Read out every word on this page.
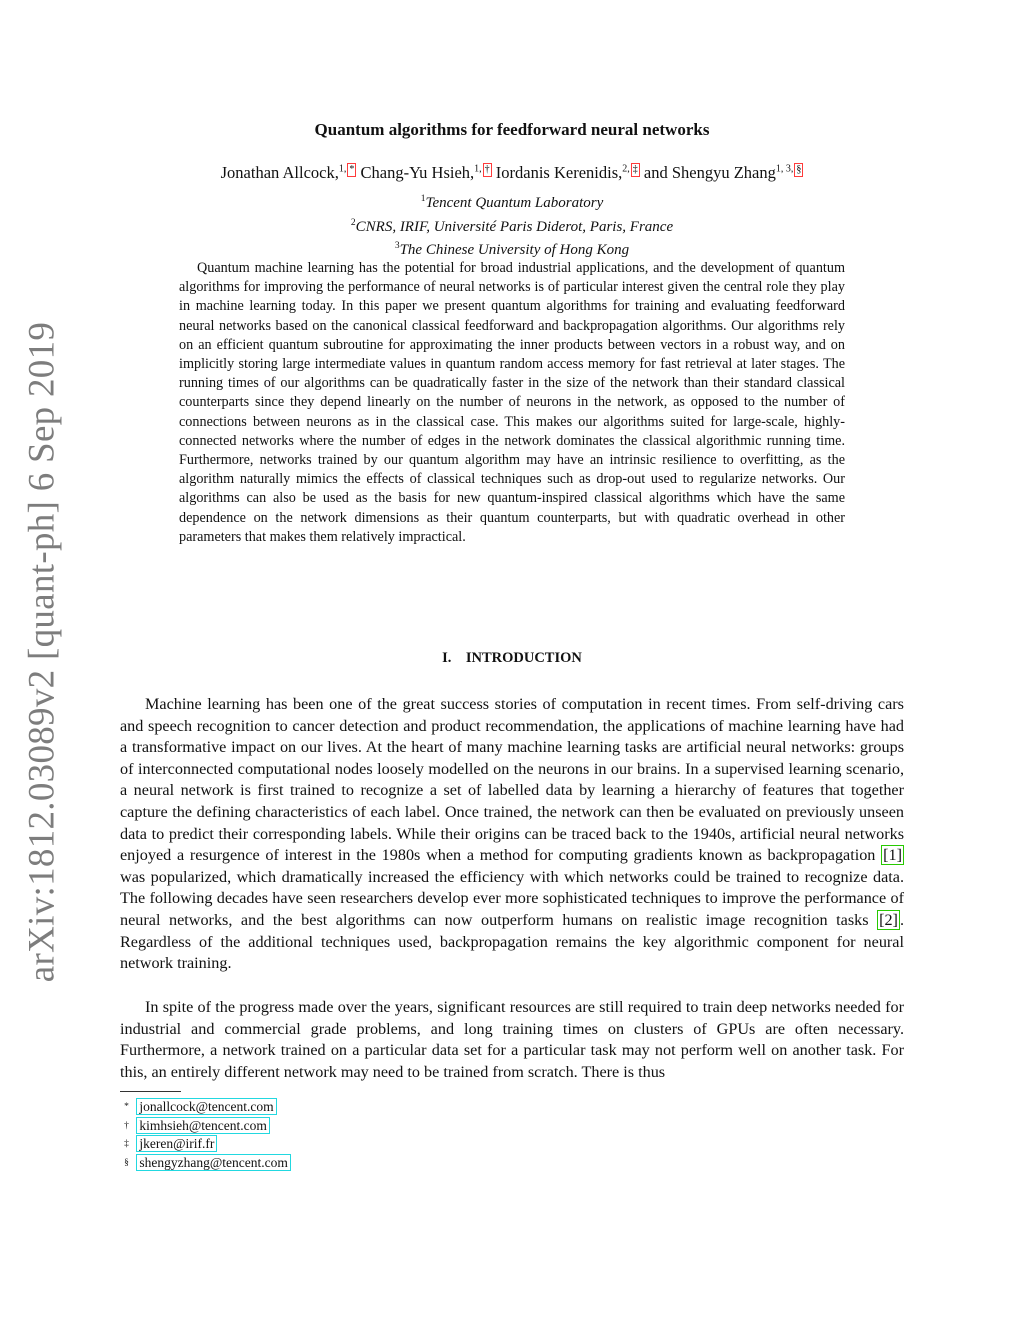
arXiv:1812.03089v2 [quant-ph] 6 Sep 2019
Quantum algorithms for feedforward neural networks
Jonathan Allcock,$^{1,}$ * Chang-Yu Hsieh,$^{1,}$ † Iordanis Kerenidis,$^{2,}$ ‡ and Shengyu Zhang$^{1, 3,}$ §
$^1$Tencent Quantum Laboratory
$^2$CNRS, IRIF, Université Paris Diderot, Paris, France
$^3$The Chinese University of Hong Kong

Quantum machine learning has the potential for broad industrial applications, and the development of quantum algorithms for improving the performance of neural networks is of particular interest given the central role they play in machine learning today. In this paper we present quantum algorithms for training and evaluating feedforward neural networks based on the canonical classical feedforward and backpropagation algorithms. Our algorithms rely on an efficient quantum subroutine for approximating the inner products between vectors in a robust way, and on implicitly storing large intermediate values in quantum random access memory for fast retrieval at later stages. The running times of our algorithms can be quadratically faster in the size of the network than their standard classical counterparts since they depend linearly on the number of neurons in the network, as opposed to the number of connections between neurons as in the classical case. This makes our algorithms suited for large-scale, highly-connected networks where the number of edges in the network dominates the classical algorithmic running time. Furthermore, networks trained by our quantum algorithm may have an intrinsic resilience to overfitting, as the algorithm naturally mimics the effects of classical techniques such as drop-out used to regularize networks. Our algorithms can also be used as the basis for new quantum-inspired classical algorithms which have the same dependence on the network dimensions as their quantum counterparts, but with quadratic overhead in other parameters that makes them relatively impractical.

I. INTRODUCTION

Machine learning has been one of the great success stories of computation in recent times. From self-driving cars and speech recognition to cancer detection and product recommendation, the applications of machine learning have had a transformative impact on our lives. At the heart of many machine learning tasks are artificial neural networks: groups of interconnected computational nodes loosely modelled on the neurons in our brains. In a supervised learning scenario, a neural network is first trained to recognize a set of labelled data by learning a hierarchy of features that together capture the defining characteristics of each label. Once trained, the network can then be evaluated on previously unseen data to predict their corresponding labels. While their origins can be traced back to the 1940s, artificial neural networks enjoyed a resurgence of interest in the 1980s when a method for computing gradients known as backpropagation [1] was popularized, which dramatically increased the efficiency with which networks could be trained to recognize data. The following decades have seen researchers develop ever more sophisticated techniques to improve the performance of neural networks, and the best algorithms can now outperform humans on realistic image recognition tasks [2] . Regardless of the additional techniques used, backpropagation remains the key algorithmic component for neural network training.

In spite of the progress made over the years, significant resources are still required to train deep networks needed for industrial and commercial grade problems, and long training times on clusters of GPUs are often necessary. Furthermore, a network trained on a particular data set for a particular task may not perform well on another task. For this, an entirely different network may need to be trained from scratch. There is thus

* jonallcock@tencent.com
† kimhsieh@tencent.com
‡ jkeren@irif.fr
§ shengyzhang@tencent.com
